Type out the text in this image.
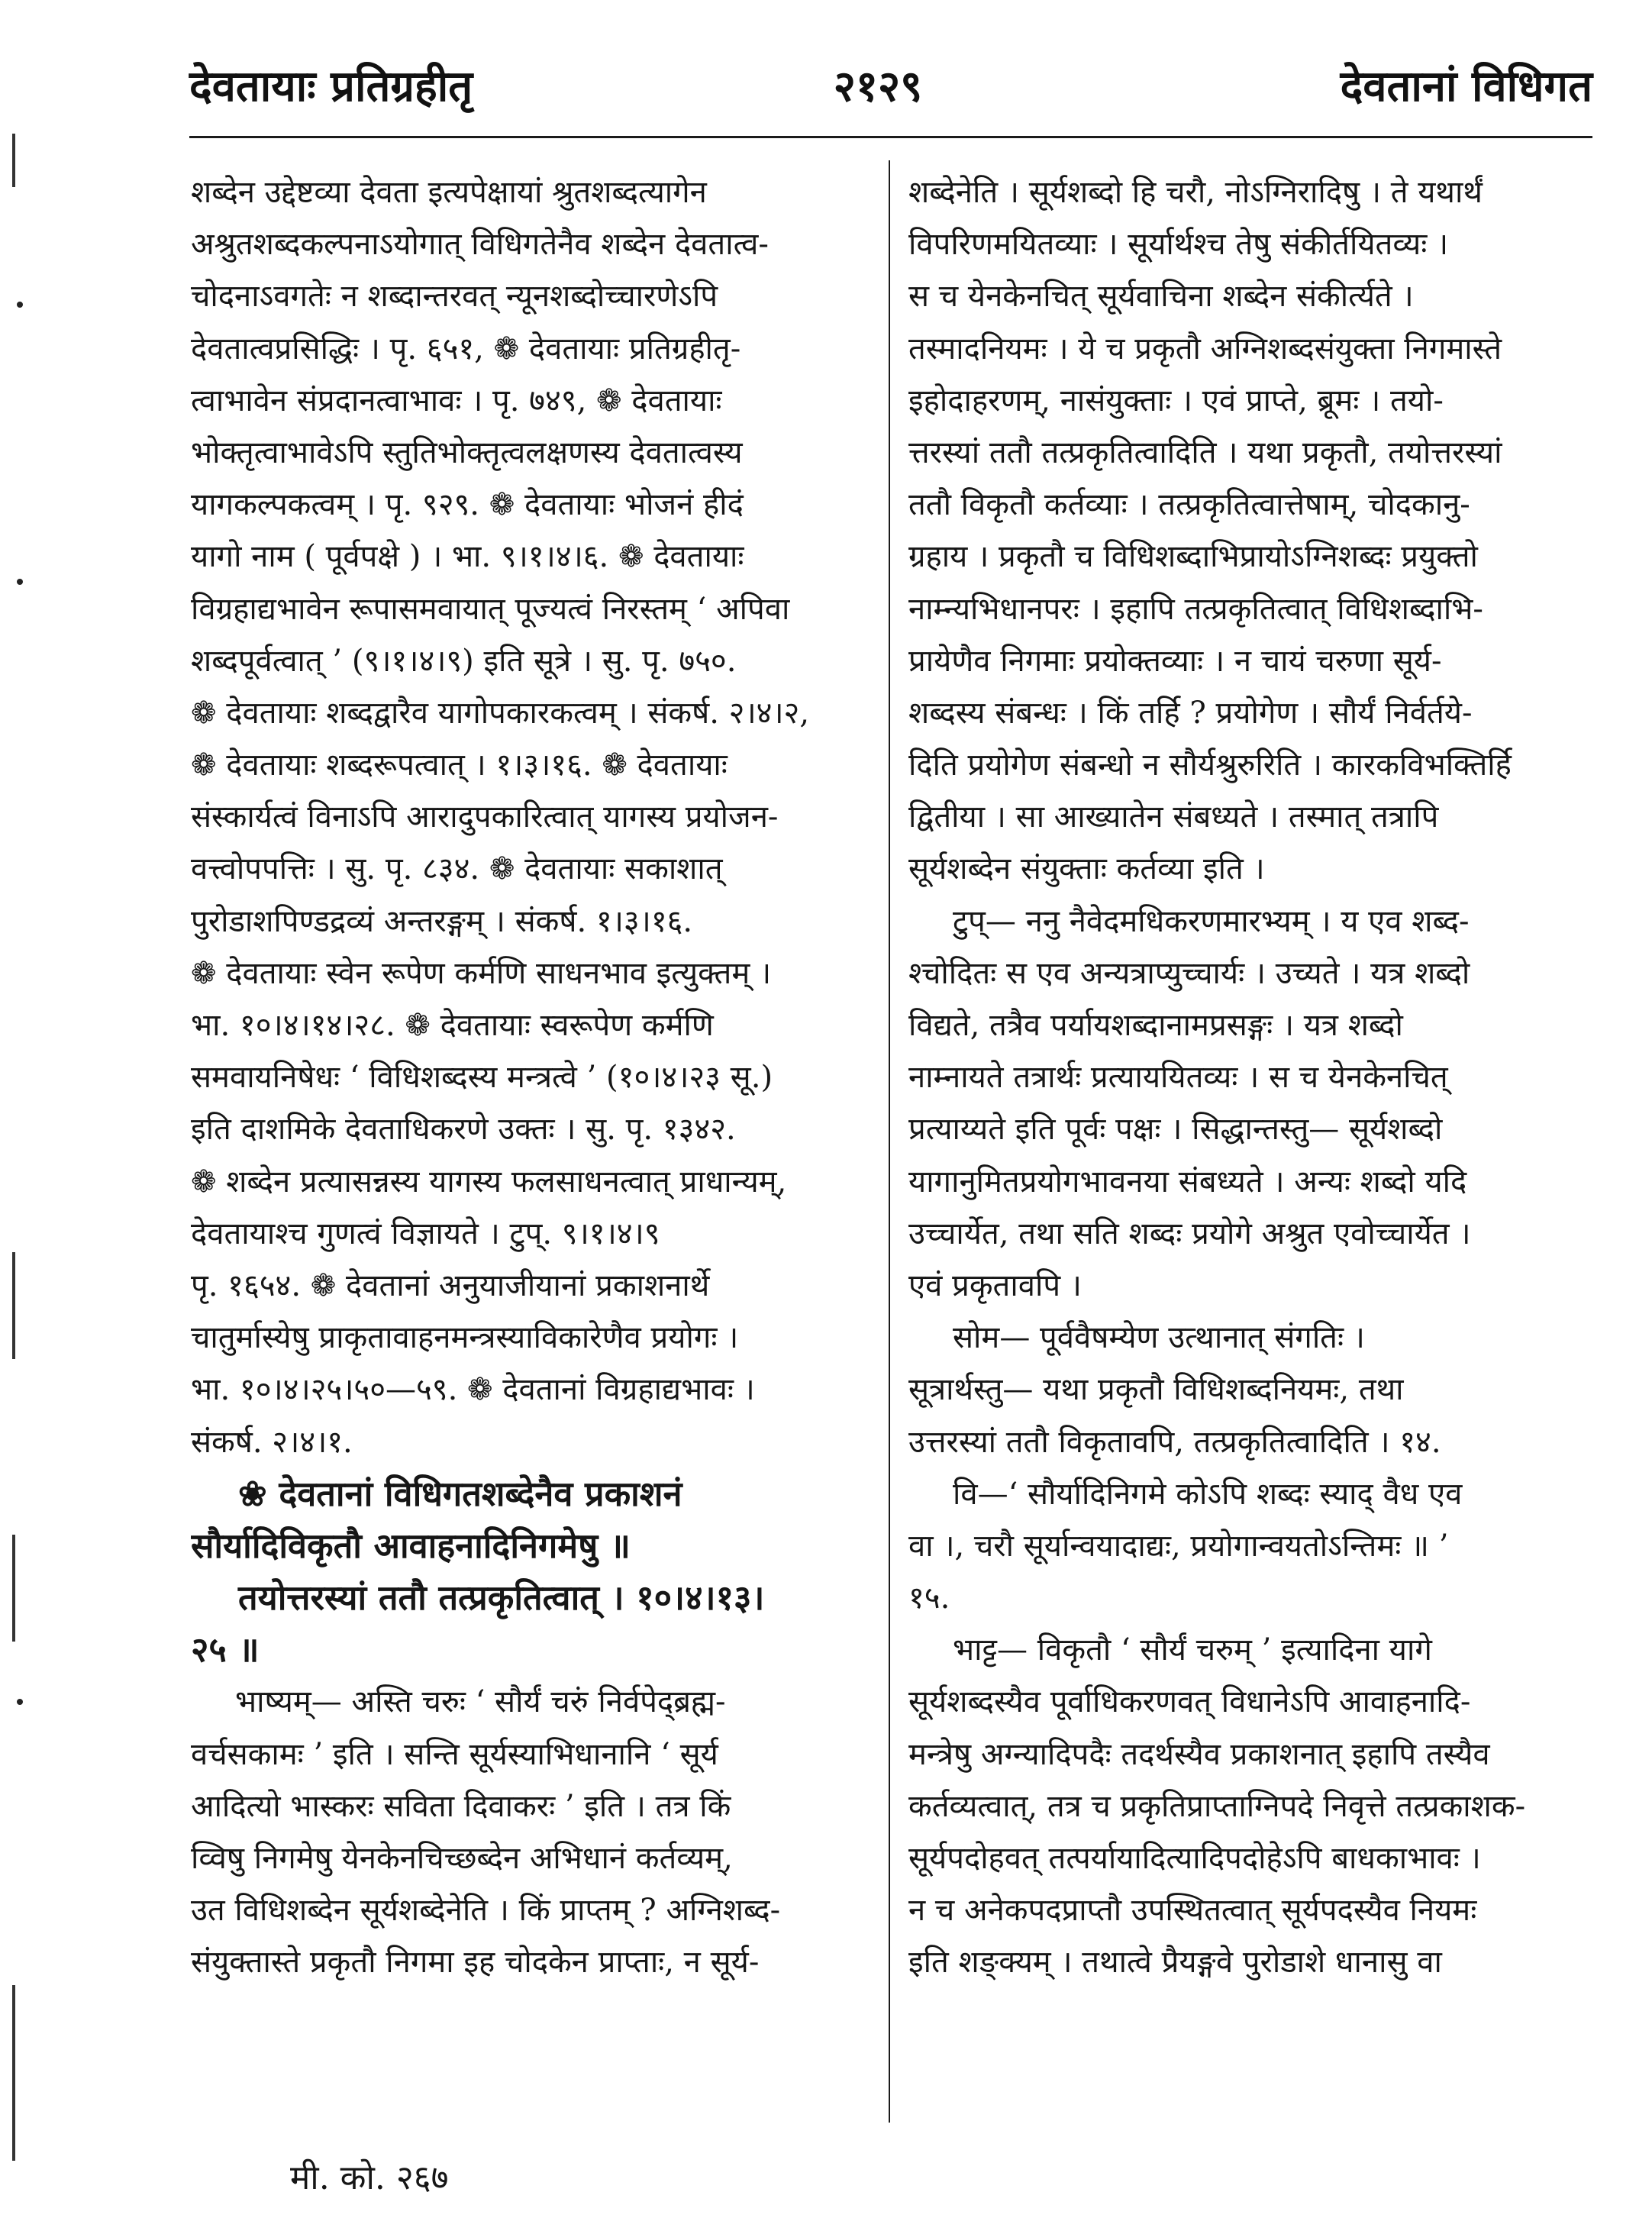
देवतायाः प्रतिग्रहीतृ	२१२९	देवतानां विधिगत
शब्देन उद्देष्टव्या देवता इत्यपेक्षायां श्रुतशब्दत्यागेन
अश्रुतशब्दकल्पनाऽयोगात् विधिगतेनैव शब्देन देवतात्व-
चोदनाऽवगतेः न शब्दान्तरवत् न्यूनशब्दोच्चारणेऽपि
देवतात्वप्रसिद्धिः । पृ. ६५१, ❁ देवतायाः प्रतिग्रहीतृ-
त्वाभावेन संप्रदानत्वाभावः । पृ. ७४९, ❁ देवतायाः
भोक्तृत्वाभावेऽपि स्तुतिभोक्तृत्वलक्षणस्य देवतात्वस्य
यागकल्पकत्वम् । पृ. ९२९. ❁ देवतायाः भोजनं हीदं
यागो नाम ( पूर्वपक्षे ) । भा. ९।१।४।६. ❁ देवतायाः
विग्रहाद्यभावेन रूपासमवायात् पूज्यत्वं निरस्तम् ‘ अपिवा
शब्दपूर्वत्वात् ’ (९।१।४।९) इति सूत्रे । सु. पृ. ७५०.
❁ देवतायाः शब्दद्वारैव यागोपकारकत्वम् । संकर्ष. २।४।२,
❁ देवतायाः शब्दरूपत्वात् । १।३।१६. ❁ देवतायाः
संस्कार्यत्वं विनाऽपि आरादुपकारित्वात् यागस्य प्रयोजन-
वत्त्वोपपत्तिः । सु. पृ. ८३४. ❁ देवतायाः सकाशात्
पुरोडाशपिण्डद्रव्यं अन्तरङ्गम् । संकर्ष. १।३।१६.
❁ देवतायाः स्वेन रूपेण कर्मणि साधनभाव इत्युक्तम् ।
भा. १०।४।१४।२८. ❁ देवतायाः स्वरूपेण कर्मणि
समवायनिषेधः ‘ विधिशब्दस्य मन्त्रत्वे ’ (१०।४।२३ सू.)
इति दाशमिके देवताधिकरणे उक्तः । सु. पृ. १३४२.
❁ शब्देन प्रत्यासन्नस्य यागस्य फलसाधनत्वात् प्राधान्यम्,
देवतायाश्च गुणत्वं विज्ञायते । टुप्. ९।१।४।९
पृ. १६५४. ❁ देवतानां अनुयाजीयानां प्रकाशनार्थे
चातुर्मास्येषु प्राकृतावाहनमन्त्रस्याविकारेणैव प्रयोगः ।
भा. १०।४।२५।५०—५९. ❁ देवतानां विग्रहाद्यभावः ।
संकर्ष. २।४।१.
❀ देवतानां विधिगतशब्देनैव प्रकाशनं
सौर्यादिविकृतौ आवाहनादिनिगमेषु ॥
तयोत्तरस्यां ततौ तत्प्रकृतित्वात् । १०।४।१३।
२५ ॥
भाष्यम्— अस्ति चरुः ‘ सौर्यं चरुं निर्वपेद्ब्रह्म-
वर्चसकामः ’ इति । सन्ति सूर्यस्याभिधानानि ‘ सूर्य
आदित्यो भास्करः सविता दिवाकरः ’ इति । तत्र किं
व्विषु निगमेषु येनकेनचिच्छब्देन अभिधानं कर्तव्यम्,
उत विधिशब्देन सूर्यशब्देनेति । किं प्राप्तम् ? अग्निशब्द-
संयुक्तास्ते प्रकृतौ निगमा इह चोदकेन प्राप्ताः, न सूर्य-
शब्देनेति । सूर्यशब्दो हि चरौ, नोऽग्निरादिषु । ते यथार्थं
विपरिणमयितव्याः । सूर्यार्थश्च तेषु संकीर्तयितव्यः ।
स च येनकेनचित् सूर्यवाचिना शब्देन संकीर्त्यते ।
तस्मादनियमः । ये च प्रकृतौ अग्निशब्दसंयुक्ता निगमास्ते
इहोदाहरणम्, नासंयुक्ताः । एवं प्राप्ते, ब्रूमः । तयो-
त्तरस्यां ततौ तत्प्रकृतित्वादिति । यथा प्रकृतौ, तयोत्तरस्यां
ततौ विकृतौ कर्तव्याः । तत्प्रकृतित्वात्तेषाम्, चोदकानु-
ग्रहाय । प्रकृतौ च विधिशब्दाभिप्रायोऽग्निशब्दः प्रयुक्तो
नाम्न्यभिधानपरः । इहापि तत्प्रकृतित्वात् विधिशब्दाभि-
प्रायेणैव निगमाः प्रयोक्तव्याः । न चायं चरुणा सूर्य-
शब्दस्य संबन्धः । किं तर्हि ? प्रयोगेण । सौर्यं निर्वर्तयेे-
दिति प्रयोगेण संबन्धो न सौर्यश्रुरुरिति । कारकविभक्तिर्हि
द्वितीया । सा आख्यातेन संबध्यते । तस्मात् तत्रापि
सूर्यशब्देन संयुक्ताः कर्तव्या इति ।
टुप्— ननु नैवेदमधिकरणमारभ्यम् । य एव शब्द-
श्चोदितः स एव अन्यत्राप्युच्चार्यः । उच्यते । यत्र शब्दो
विद्यते, तत्रैव पर्यायशब्दानामप्रसङ्गः । यत्र शब्दो
नाम्नायते तत्रार्थः प्रत्याययितव्यः । स च येनकेनचित्
प्रत्याय्यते इति पूर्वः पक्षः । सिद्धान्तस्तु— सूर्यशब्दो
यागानुमितप्रयोगभावनया संबध्यते । अन्यः शब्दो यदि
उच्चार्येत, तथा सति शब्दः प्रयोगे अश्रुत एवोच्चार्येत ।
एवं प्रकृतावपि ।
सोम— पूर्ववैषम्येण उत्थानात् संगतिः ।
सूत्रार्थस्तु— यथा प्रकृतौ विधिशब्दनियमः, तथा
उत्तरस्यां ततौ विकृतावपि, तत्प्रकृतित्वादिति । १४.
वि—‘ सौर्यादिनिगमे कोऽपि शब्दः स्याद् वैध एव
वा ।, चरौ सूर्यान्वयादाद्यः, प्रयोगान्वयतोऽन्तिमः ॥ ’
१५.
भाट्ट— विकृतौ ‘ सौर्यं चरुम् ’ इत्यादिना यागे
सूर्यशब्दस्यैव पूर्वाधिकरणवत् विधानेऽपि आवाहनादि-
मन्त्रेषु अग्न्यादिपदैः तदर्थस्यैव प्रकाशनात् इहापि तस्यैव
कर्तव्यत्वात्, तत्र च प्रकृतिप्राप्ताग्निपदे निवृत्ते तत्प्रकाशक-
सूर्यपदोहवत् तत्पर्यायादित्यादिपदोहेऽपि बाधकाभावः ।
न च अनेकपदप्राप्तौ उपस्थितत्वात् सूर्यपदस्यैव नियमः
इति शङ्क्यम् । तथात्वे प्रैयङ्गवे पुरोडाशे धानासु वा
मी. को. २६७
